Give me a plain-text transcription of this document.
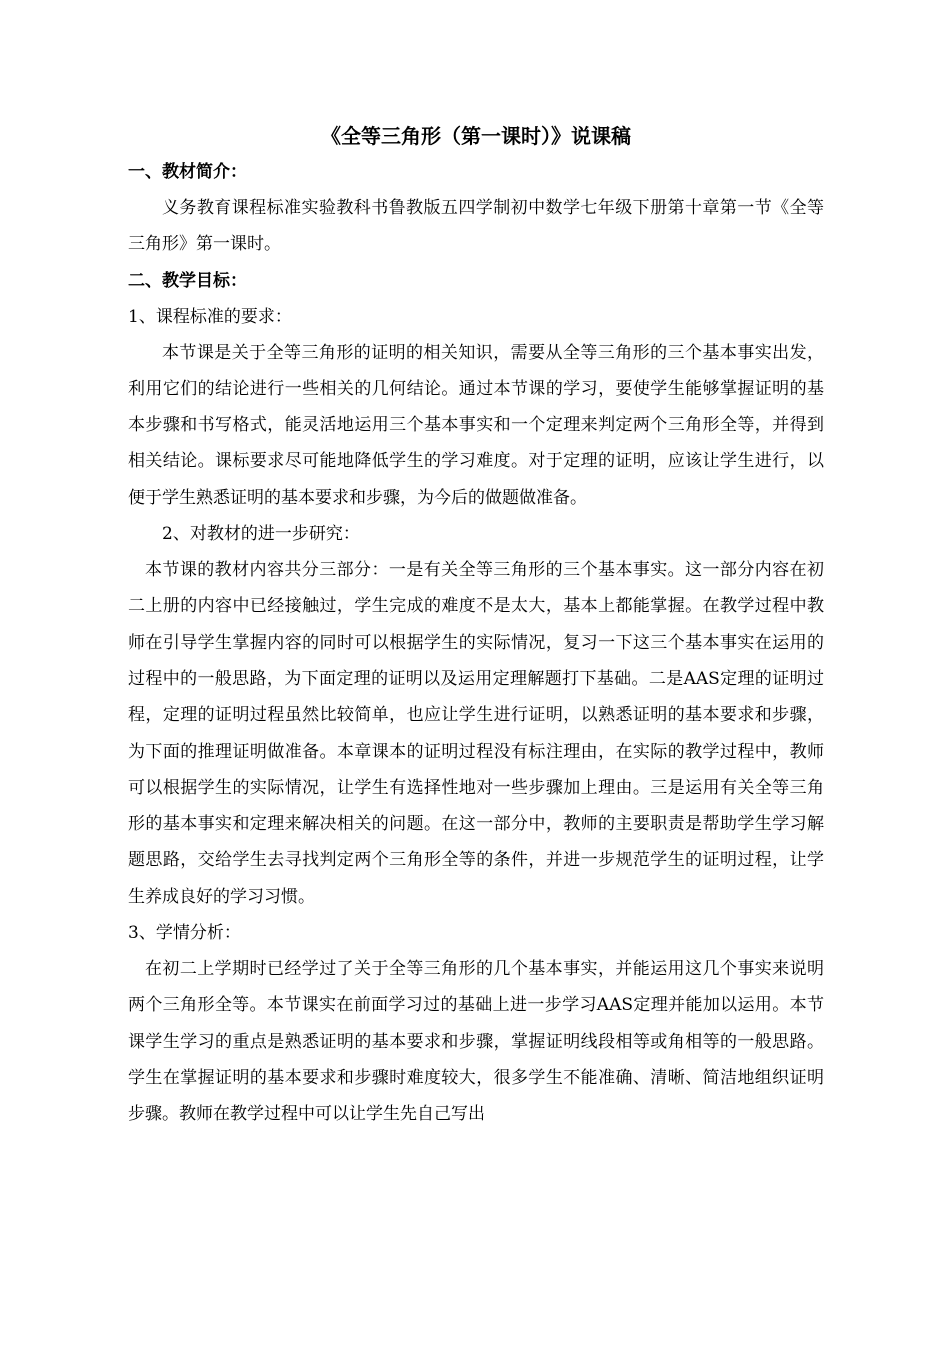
《全等三角形（第一课时）》说课稿
一、教材简介：

义务教育课程标准实验教科书鲁教版五四学制初中数学七年级下册第十章第一节《全等三角形》第一课时。

二、教学目标：
1、课程标准的要求：

本节课是关于全等三角形的证明的相关知识，需要从全等三角形的三个基本事实出发，利用它们的结论进行一些相关的几何结论。通过本节课的学习，要使学生能够掌握证明的基本步骤和书写格式，能灵活地运用三个基本事实和一个定理来判定两个三角形全等，并得到相关结论。课标要求尽可能地降低学生的学习难度。对于定理的证明，应该让学生进行，以便于学生熟悉证明的基本要求和步骤，为今后的做题做准备。

2、对教材的进一步研究：

本节课的教材内容共分三部分：一是有关全等三角形的三个基本事实。这一部分内容在初二上册的内容中已经接触过，学生完成的难度不是太大，基本上都能掌握。在教学过程中教师在引导学生掌握内容的同时可以根据学生的实际情况，复习一下这三个基本事实在运用的过程中的一般思路，为下面定理的证明以及运用定理解题打下基础。二是AAS定理的证明过程，定理的证明过程虽然比较简单，也应让学生进行证明，以熟悉证明的基本要求和步骤，为下面的推理证明做准备。本章课本的证明过程没有标注理由，在实际的教学过程中，教师可以根据学生的实际情况，让学生有选择性地对一些步骤加上理由。三是运用有关全等三角形的基本事实和定理来解决相关的问题。在这一部分中，教师的主要职责是帮助学生学习解题思路，交给学生去寻找判定两个三角形全等的条件，并进一步规范学生的证明过程，让学生养成良好的学习习惯。

3、学情分析：

在初二上学期时已经学过了关于全等三角形的几个基本事实，并能运用这几个事实来说明两个三角形全等。本节课实在前面学习过的基础上进一步学习AAS定理并能加以运用。本节课学生学习的重点是熟悉证明的基本要求和步骤，掌握证明线段相等或角相等的一般思路。学生在掌握证明的基本要求和步骤时难度较大，很多学生不能准确、清晰、简洁地组织证明步骤。教师在教学过程中可以让学生先自己写出
